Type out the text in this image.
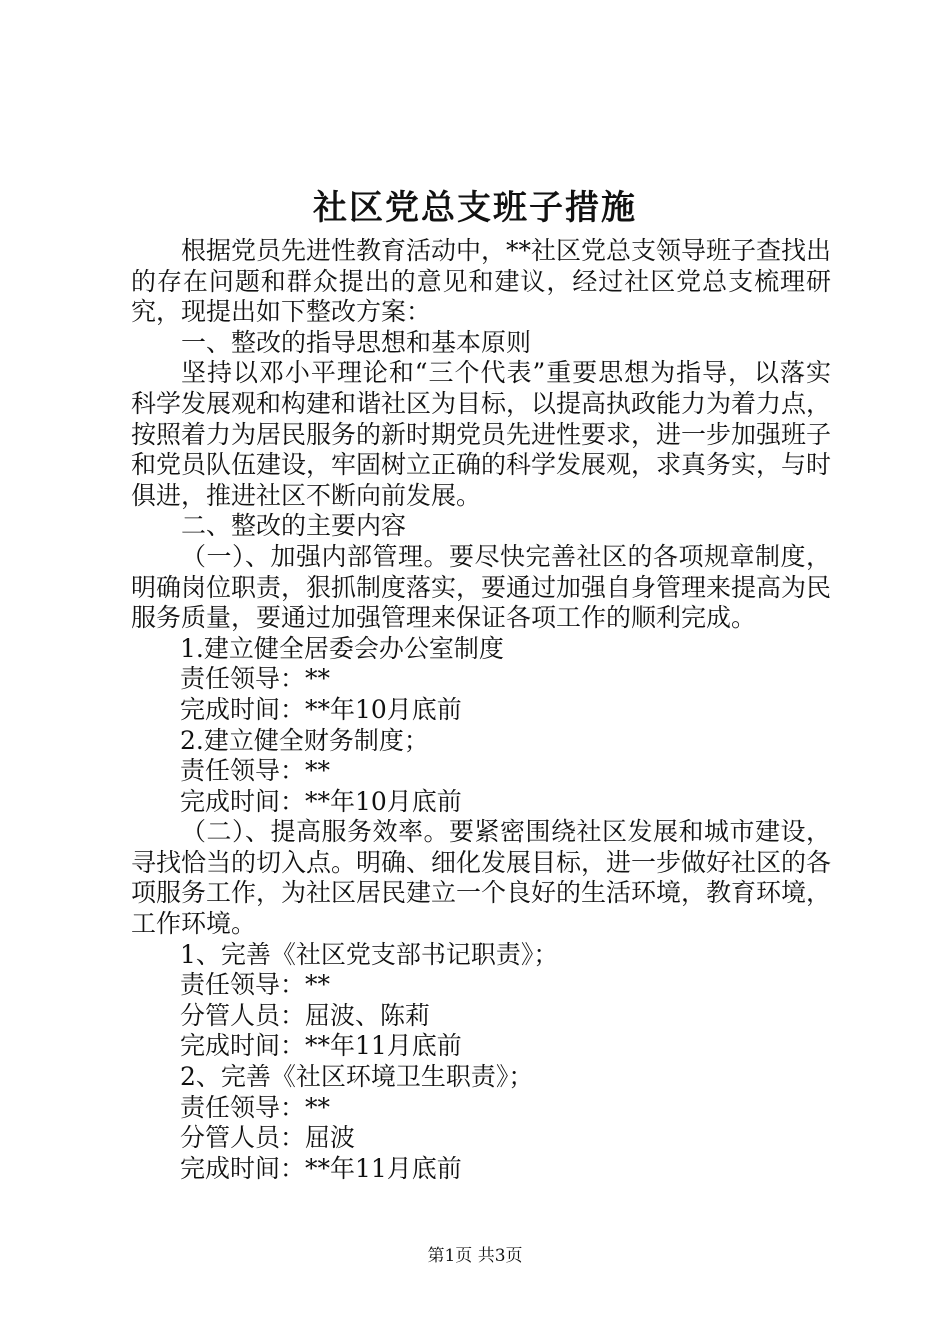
社区党总支班子措施

根据党员先进性教育活动中，**社区党总支领导班子查找出的存在问题和群众提出的意见和建议，经过社区党总支梳理研究，现提出如下整改方案：

一、整改的指导思想和基本原则

坚持以邓小平理论和“三个代表”重要思想为指导，以落实科学发展观和构建和谐社区为目标，以提高执政能力为着力点，按照着力为居民服务的新时期党员先进性要求，进一步加强班子和党员队伍建设，牢固树立正确的科学发展观，求真务实，与时俱进，推进社区不断向前发展。

二、整改的主要内容

（一）、加强内部管理。要尽快完善社区的各项规章制度，明确岗位职责，狠抓制度落实，要通过加强自身管理来提高为民服务质量，要通过加强管理来保证各项工作的顺利完成。

1.建立健全居委会办公室制度

责任领导：**

完成时间：**年10月底前

2.建立健全财务制度；

责任领导：**

完成时间：**年10月底前

（二）、提高服务效率。要紧密围绕社区发展和城市建设，寻找恰当的切入点。明确、细化发展目标，进一步做好社区的各项服务工作，为社区居民建立一个良好的生活环境，教育环境，工作环境。

1、完善《社区党支部书记职责》；

责任领导：**

分管人员：屈波、陈莉

完成时间：**年11月底前

2、完善《社区环境卫生职责》；

责任领导：**

分管人员：屈波

完成时间：**年11月底前

第1页 共3页
